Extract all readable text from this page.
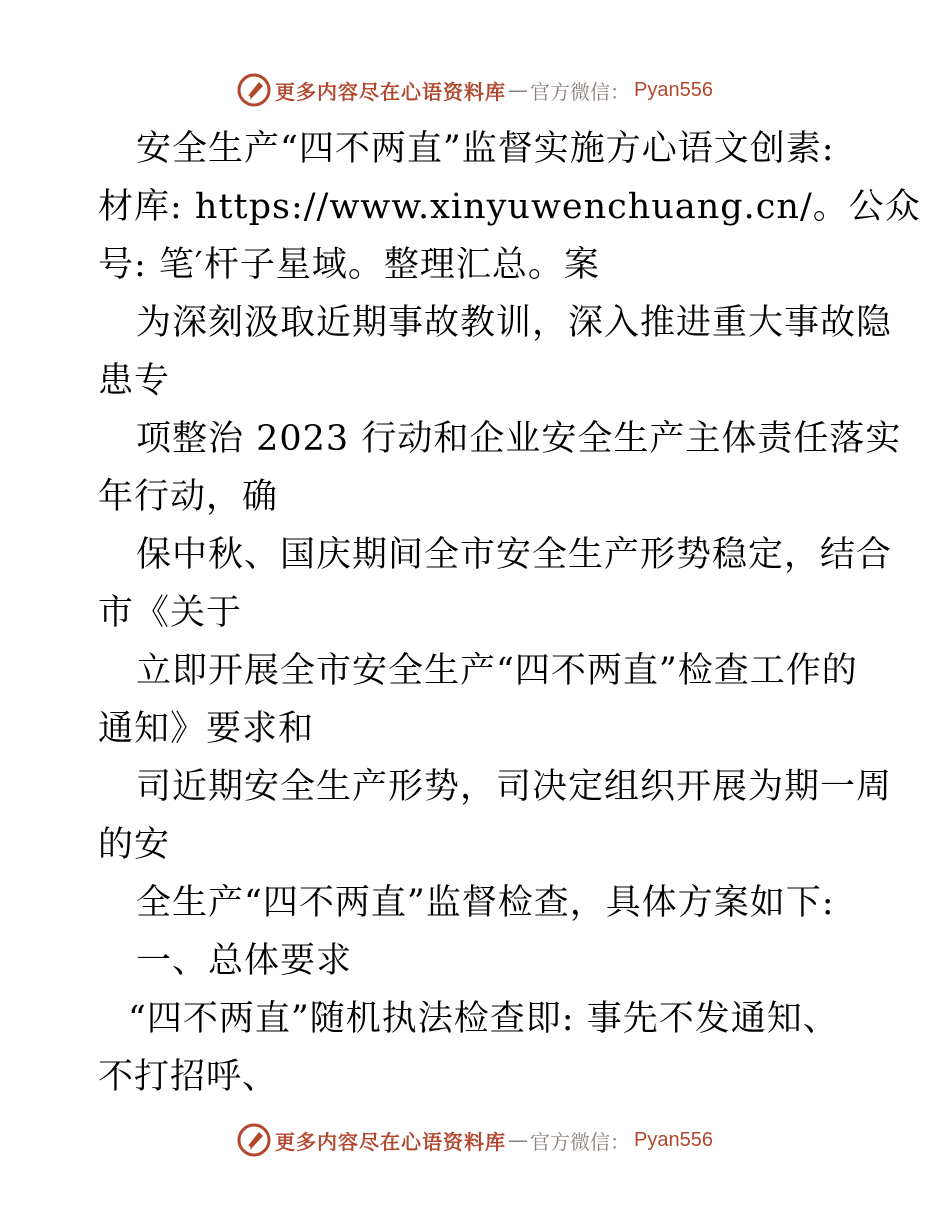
更多内容尽在心语资料库 — 官方微信： Pyan556
安全生产“四不两直”监督实施方心语文创素:
材库: https://www.xinyuwenchuang.cn/。公众
号: 笔′杆子星域。整理汇总。案
为深刻汲取近期事故教训，深入推进重大事故隐
患专
项整治 2023 行动和企业安全生产主体责任落实
年行动，确
保中秋、国庆期间全市安全生产形势稳定，结合
市《关于
立即开展全市安全生产“四不两直”检查工作的
通知》要求和
司近期安全生产形势，司决定组织开展为期一周
的安
全生产“四不两直”监督检查，具体方案如下:
一、总体要求
“四不两直”随机执法检查即: 事先不发通知、
不打招呼、
更多内容尽在心语资料库 — 官方微信： Pyan556
